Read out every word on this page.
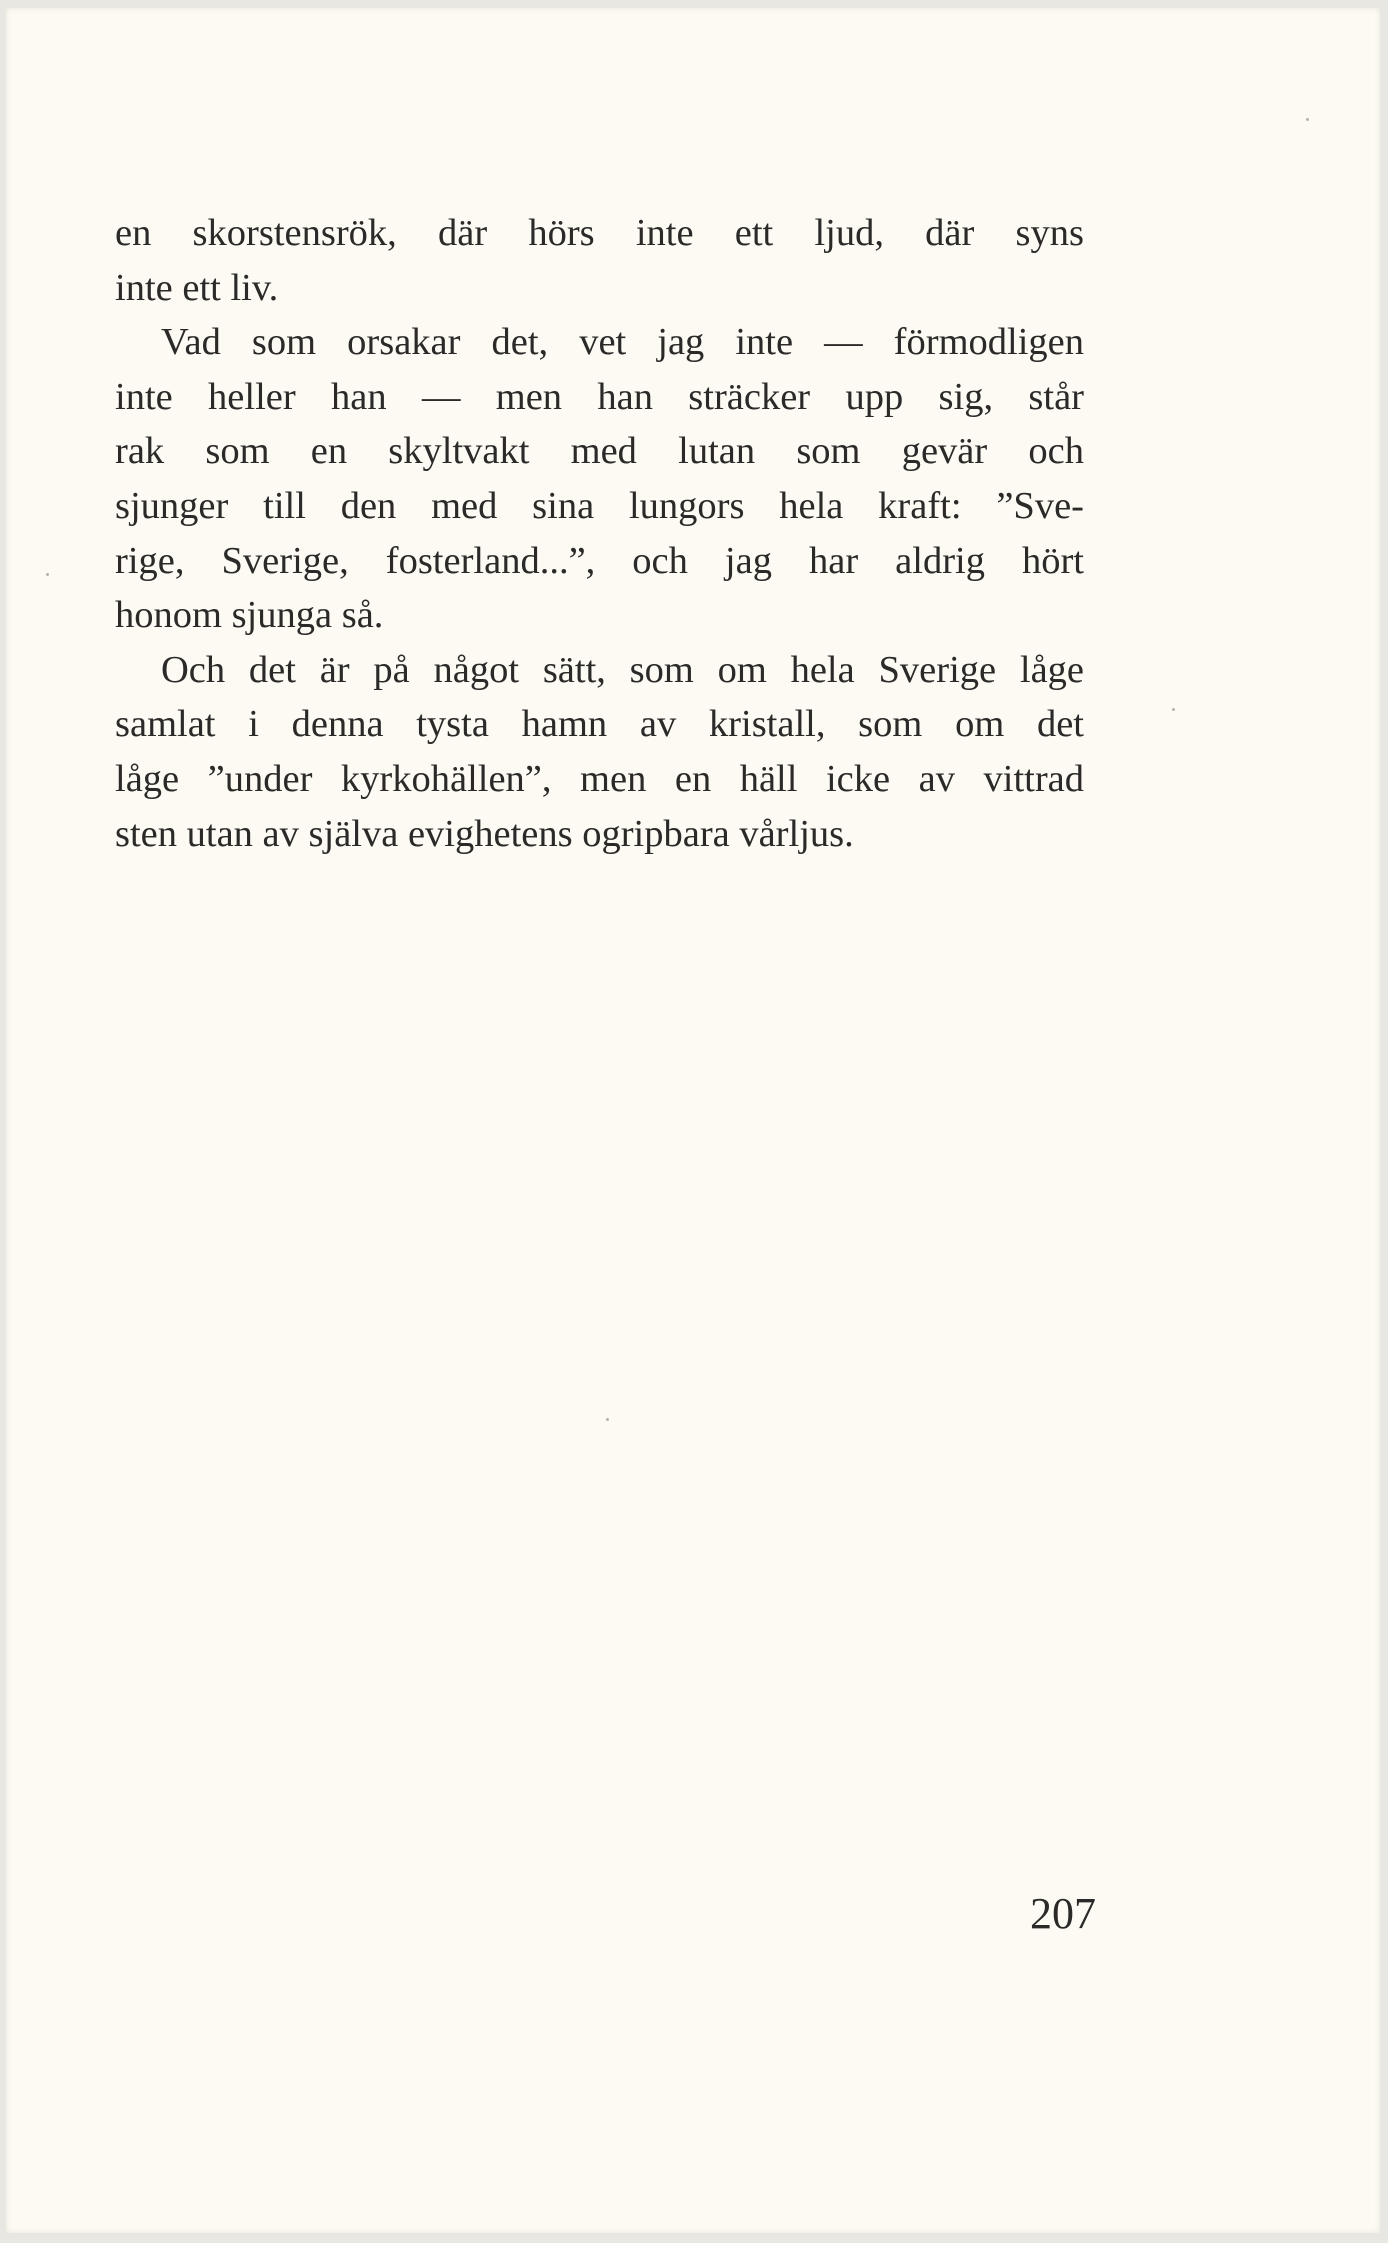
en skorstensrök, där hörs inte ett ljud, där syns
inte ett liv.
Vad som orsakar det, vet jag inte — förmodligen
inte heller han — men han sträcker upp sig, står
rak som en skyltvakt med lutan som gevär och
sjunger till den med sina lungors hela kraft: ”Sve-
rige, Sverige, fosterland...”, och jag har aldrig hört
honom sjunga så.
Och det är på något sätt, som om hela Sverige låge
samlat i denna tysta hamn av kristall, som om det
låge ”under kyrkohällen”, men en häll icke av vittrad
sten utan av själva evighetens ogripbara vårljus.
207
